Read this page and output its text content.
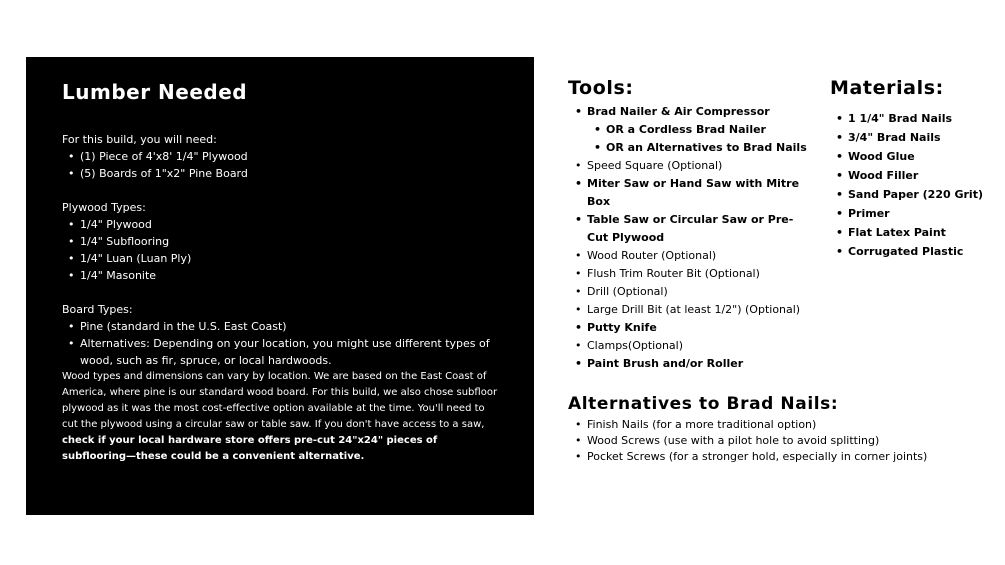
Lumber Needed

For this build, you will need:

• (1) Piece of 4'x8' 1/4" Plywood
• (5) Boards of 1"x2" Pine Board

Plywood Types:

• 1/4" Plywood
• 1/4" Subflooring
• 1/4" Luan (Luan Ply)
• 1/4" Masonite

Board Types:

• Pine (standard in the U.S. East Coast)
• Alternatives: Depending on your location, you might use different types of wood, such as fir, spruce, or local hardwoods.

Wood types and dimensions can vary by location. We are based on the East Coast of America, where pine is our standard wood board. For this build, we also chose subfloor plywood as it was the most cost-effective option available at the time. You'll need to cut the plywood using a circular saw or table saw. If you don't have access to a saw, check if your local hardware store offers pre-cut 24"x24" pieces of subflooring—these could be a convenient alternative.

Tools:
• Brad Nailer & Air Compressor
• OR a Cordless Brad Nailer
• OR an Alternatives to Brad Nails
• Speed Square (Optional)
• Miter Saw or Hand Saw with Mitre Box
• Table Saw or Circular Saw or Pre-Cut Plywood
• Wood Router (Optional)
• Flush Trim Router Bit (Optional)
• Drill (Optional)
• Large Drill Bit (at least 1/2") (Optional)
• Putty Knife
• Clamps(Optional)
• Paint Brush and/or Roller
Materials:
• 1 1/4" Brad Nails
• 3/4" Brad Nails
• Wood Glue
• Wood Filler
• Sand Paper (220 Grit)
• Primer
• Flat Latex Paint
• Corrugated Plastic
Alternatives to Brad Nails:
• Finish Nails (for a more traditional option)
• Wood Screws (use with a pilot hole to avoid splitting)
• Pocket Screws (for a stronger hold, especially in corner joints)
